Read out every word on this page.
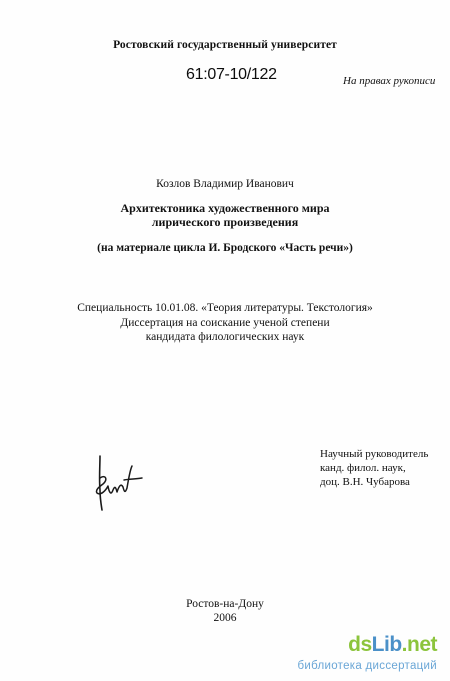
Ростовский государственный университет
61:07-10/122	На правах рукописи
Козлов Владимир Иванович
Архитектоника художественного мира
лирического произведения
(на материале цикла И. Бродского «Часть речи»)
Специальность 10.01.08. «Теория литературы. Текстология»
Диссертация на соискание ученой степени
кандидата филологических наук
Научный руководитель
канд. филол. наук,
доц. В.Н. Чубарова
Ростов-на-Дону
2006
dsLib.net
библиотека диссертаций
